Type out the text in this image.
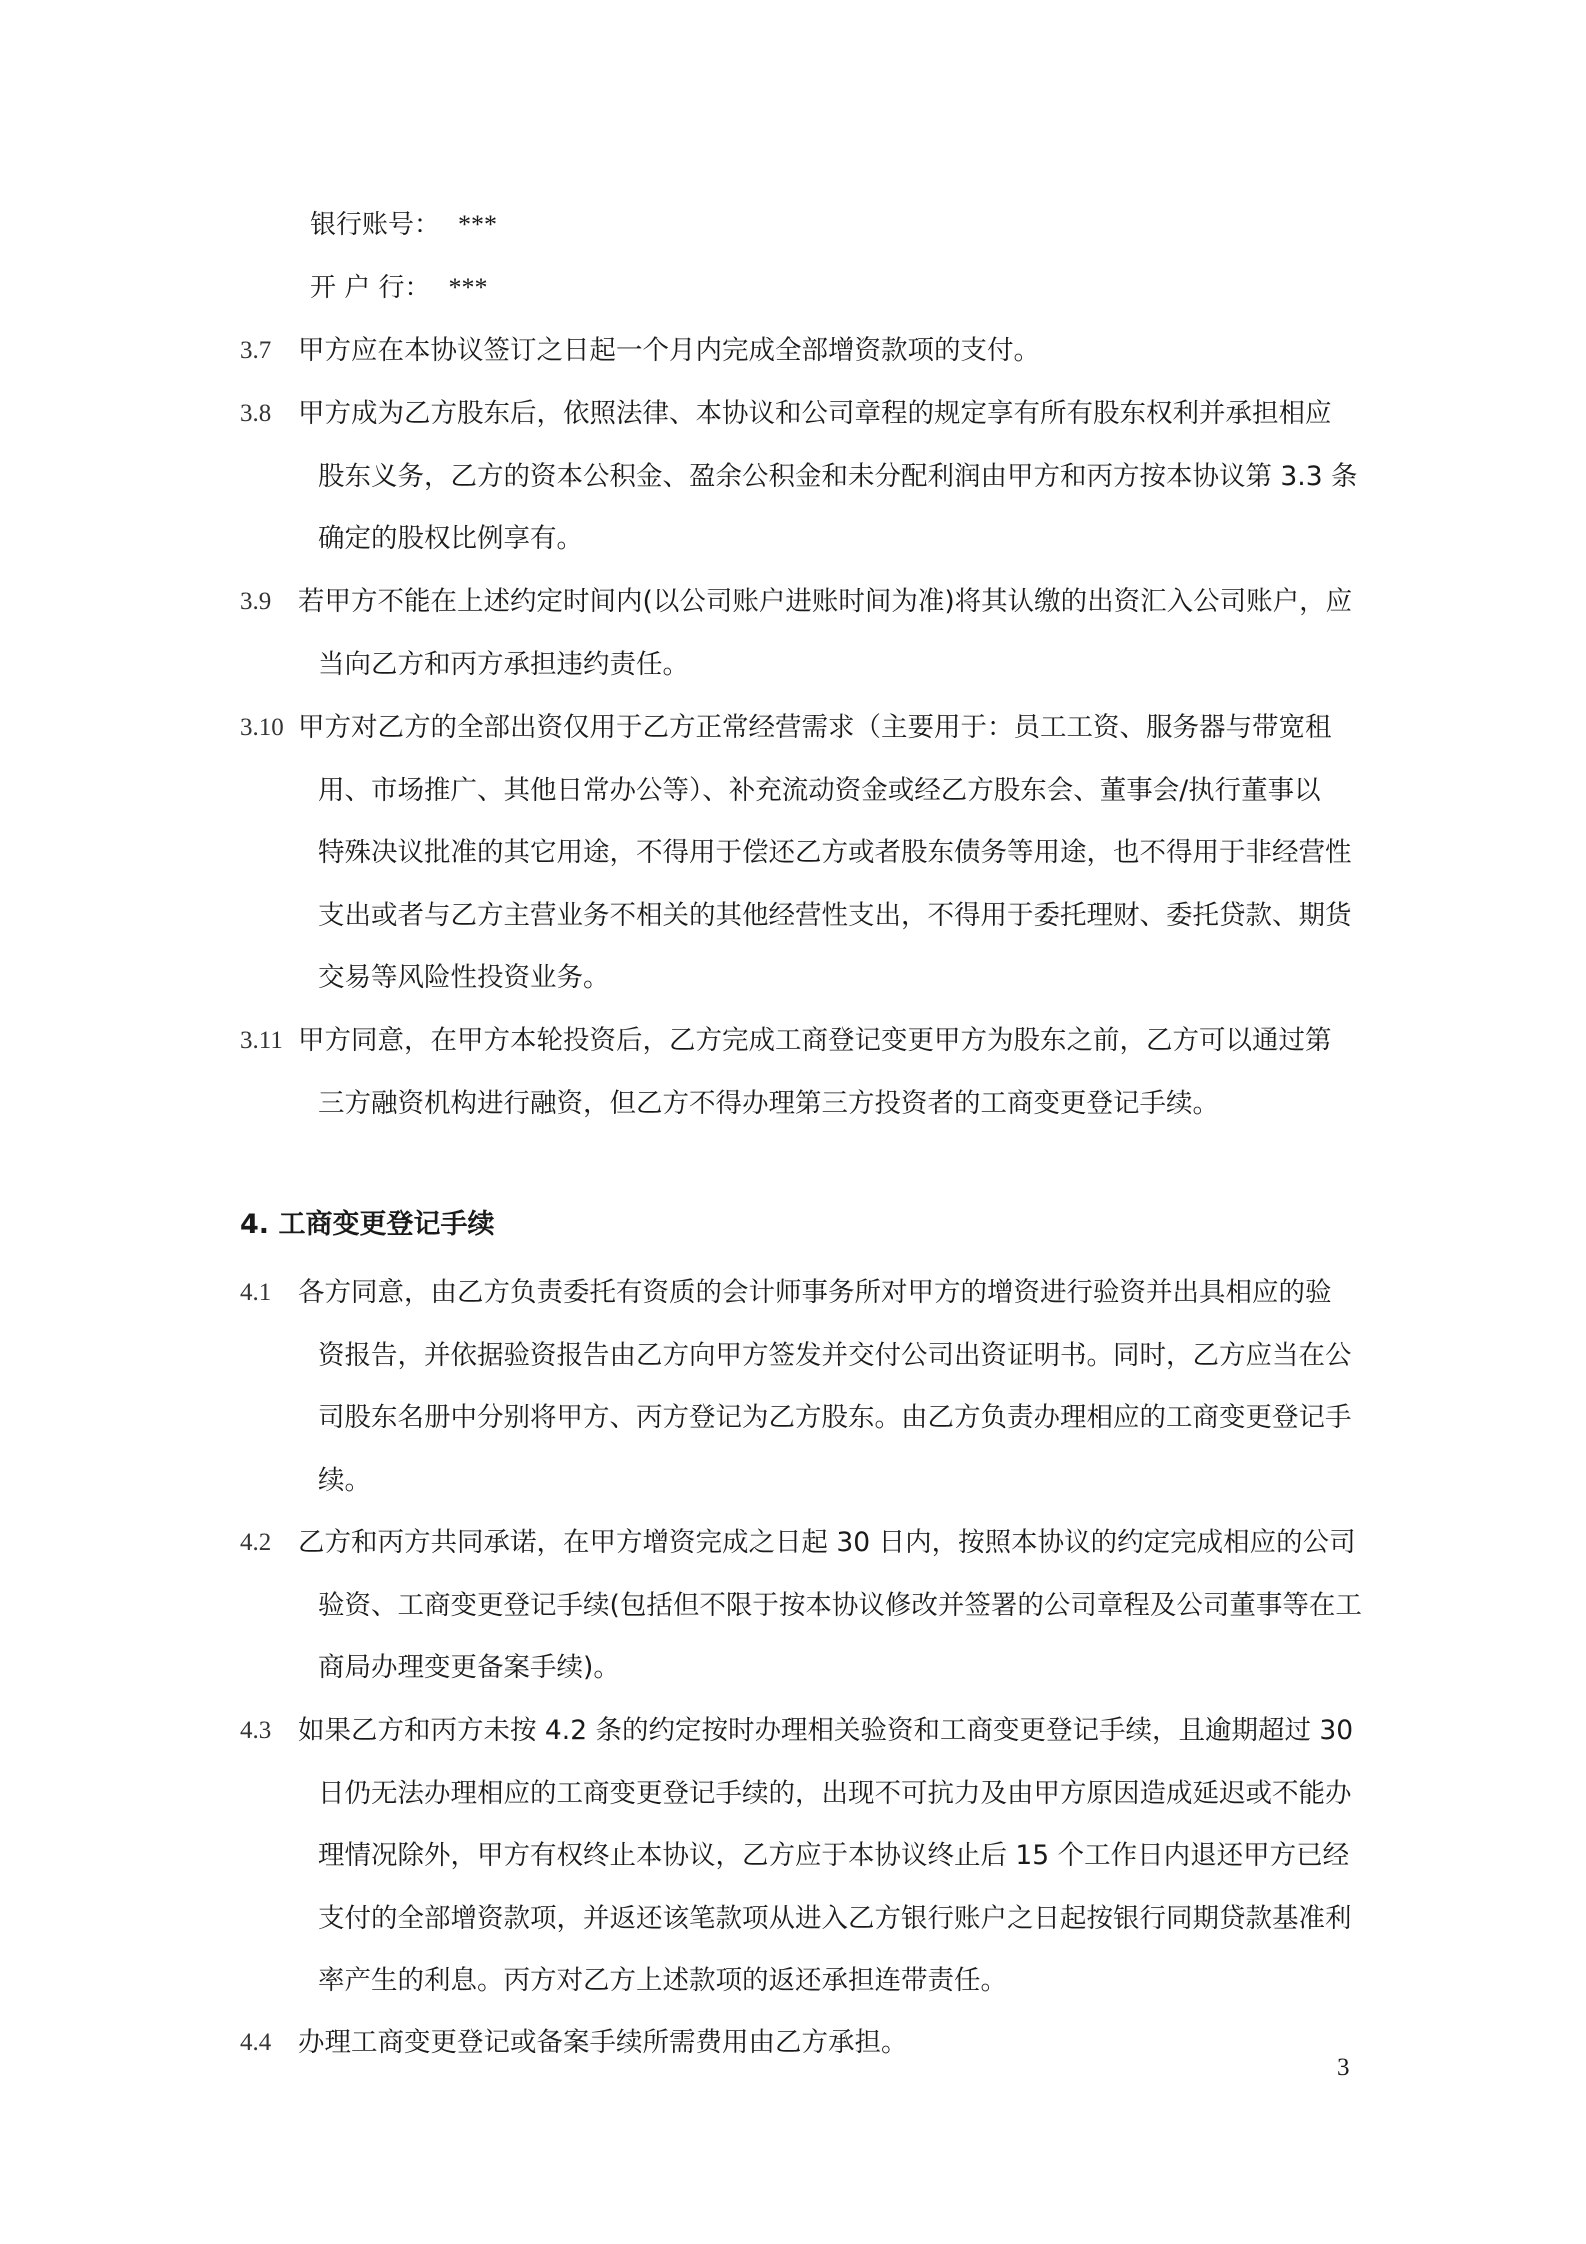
银行账号： ***
开 户 行： ***
3.7 甲方应在本协议签订之日起一个月内完成全部增资款项的支付。
3.8 甲方成为乙方股东后，依照法律、本协议和公司章程的规定享有所有股东权利并承担相应
股东义务，乙方的资本公积金、盈余公积金和未分配利润由甲方和丙方按本协议第 3.3 条
确定的股权比例享有。
3.9 若甲方不能在上述约定时间内(以公司账户进账时间为准)将其认缴的出资汇入公司账户，应
当向乙方和丙方承担违约责任。
3.10 甲方对乙方的全部出资仅用于乙方正常经营需求（主要用于：员工工资、服务器与带宽租
用、市场推广、其他日常办公等）、补充流动资金或经乙方股东会、董事会/执行董事以
特殊决议批准的其它用途，不得用于偿还乙方或者股东债务等用途，也不得用于非经营性
支出或者与乙方主营业务不相关的其他经营性支出，不得用于委托理财、委托贷款、期货
交易等风险性投资业务。
3.11 甲方同意，在甲方本轮投资后，乙方完成工商登记变更甲方为股东之前，乙方可以通过第
三方融资机构进行融资，但乙方不得办理第三方投资者的工商变更登记手续。
4. 工商变更登记手续
4.1 各方同意，由乙方负责委托有资质的会计师事务所对甲方的增资进行验资并出具相应的验
资报告，并依据验资报告由乙方向甲方签发并交付公司出资证明书。同时，乙方应当在公
司股东名册中分别将甲方、丙方登记为乙方股东。由乙方负责办理相应的工商变更登记手
续。
4.2 乙方和丙方共同承诺，在甲方增资完成之日起 30 日内，按照本协议的约定完成相应的公司
验资、工商变更登记手续(包括但不限于按本协议修改并签署的公司章程及公司董事等在工
商局办理变更备案手续)。
4.3 如果乙方和丙方未按 4.2 条的约定按时办理相关验资和工商变更登记手续，且逾期超过 30
日仍无法办理相应的工商变更登记手续的，出现不可抗力及由甲方原因造成延迟或不能办
理情况除外，甲方有权终止本协议，乙方应于本协议终止后 15 个工作日内退还甲方已经
支付的全部增资款项，并返还该笔款项从进入乙方银行账户之日起按银行同期贷款基准利
率产生的利息。丙方对乙方上述款项的返还承担连带责任。
4.4 办理工商变更登记或备案手续所需费用由乙方承担。
3
